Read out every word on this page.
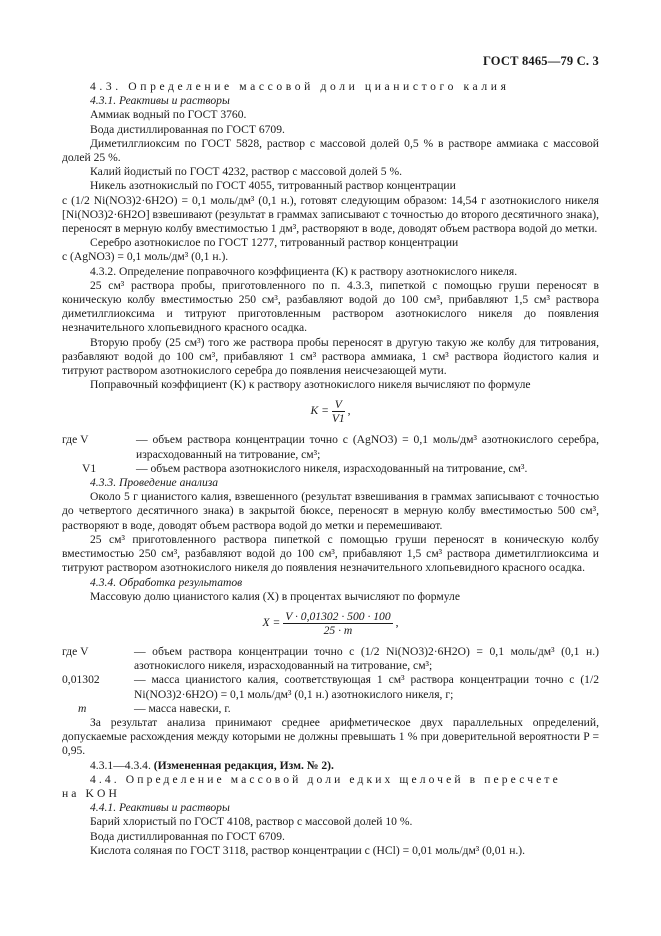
ГОСТ 8465—79 С. 3

4.3. Определение массовой доли цианистого калия

4.3.1. Реактивы и растворы

Аммиак водный по ГОСТ 3760.

Вода дистиллированная по ГОСТ 6709.

Диметилглиоксим по ГОСТ 5828, раствор с массовой долей 0,5 % в растворе аммиака с массовой долей 25 %.

Калий йодистый по ГОСТ 4232, раствор с массовой долей 5 %.

Никель азотнокислый по ГОСТ 4055, титрованный раствор концентрации

c (1/2 Ni(NO3)2·6H2O) = 0,1 моль/дм³ (0,1 н.), готовят следующим образом: 14,54 г азотнокислого никеля [Ni(NO3)2·6H2O] взвешивают (результат в граммах записывают с точностью до второго десятичного знака), переносят в мерную колбу вместимостью 1 дм³, растворяют в воде, доводят объем раствора водой до метки.

Серебро азотнокислое по ГОСТ 1277, титрованный раствор концентрации

c (AgNO3) = 0,1 моль/дм³ (0,1 н.).

4.3.2. Определение поправочного коэффициента (K) к раствору азотнокислого никеля.

25 см³ раствора пробы, приготовленного по п. 4.3.3, пипеткой с помощью груши переносят в коническую колбу вместимостью 250 см³, разбавляют водой до 100 см³, прибавляют 1,5 см³ раствора диметилглиоксима и титруют приготовленным раствором азотнокислого никеля до появления незначительного хлопьевидного красного осадка.

Вторую пробу (25 см³) того же раствора пробы переносят в другую такую же колбу для титрования, разбавляют водой до 100 см³, прибавляют 1 см³ раствора аммиака, 1 см³ раствора йодистого калия и титруют раствором азотнокислого серебра до появления неисчезающей мути.

Поправочный коэффициент (K) к раствору азотнокислого никеля вычисляют по формуле

$K = \frac{V}{V1}$ ,
где V	— объем раствора концентрации точно c (AgNO3) = 0,1 моль/дм³ азотнокислого серебра, израсходованный на титрование, см³;
V1	— объем раствора азотнокислого никеля, израсходованный на титрование, см³.

4.3.3. Проведение анализа

Около 5 г цианистого калия, взвешенного (результат взвешивания в граммах записывают с точностью до четвертого десятичного знака) в закрытой бюксе, переносят в мерную колбу вместимостью 500 см³, растворяют в воде, доводят объем раствора водой до метки и перемешивают.

25 см³ приготовленного раствора пипеткой с помощью груши переносят в коническую колбу вместимостью 250 см³, разбавляют водой до 100 см³, прибавляют 1,5 см³ раствора диметилглиоксима и титруют раствором азотнокислого никеля до появления незначительного хлопьевидного красного осадка.

4.3.4. Обработка результатов

Массовую долю цианистого калия (X) в процентах вычисляют по формуле

$X = \frac{V \cdot 0,01302 \cdot 500 \cdot 100}{25 \cdot m}$ ,
где V	— объем раствора концентрации точно c (1/2 Ni(NO3)2·6H2O) = 0,1 моль/дм³ (0,1 н.) азотнокислого никеля, израсходованный на титрование, см³;
0,01302	— масса цианистого калия, соответствующая 1 см³ раствора концентрации точно c (1/2 Ni(NO3)2·6H2O) = 0,1 моль/дм³ (0,1 н.) азотнокислого никеля, г;
m	— масса навески, г.

За результат анализа принимают среднее арифметическое двух параллельных определений, допускаемые расхождения между которыми не должны превышать 1 % при доверительной вероятности P = 0,95.

4.3.1—4.3.4. (Измененная редакция, Изм. № 2).

4.4. Определение массовой доли едких щелочей в пересчете

на KOH

4.4.1. Реактивы и растворы

Барий хлористый по ГОСТ 4108, раствор с массовой долей 10 %.

Вода дистиллированная по ГОСТ 6709.

Кислота соляная по ГОСТ 3118, раствор концентрации c (HCl) = 0,01 моль/дм³ (0,01 н.).
